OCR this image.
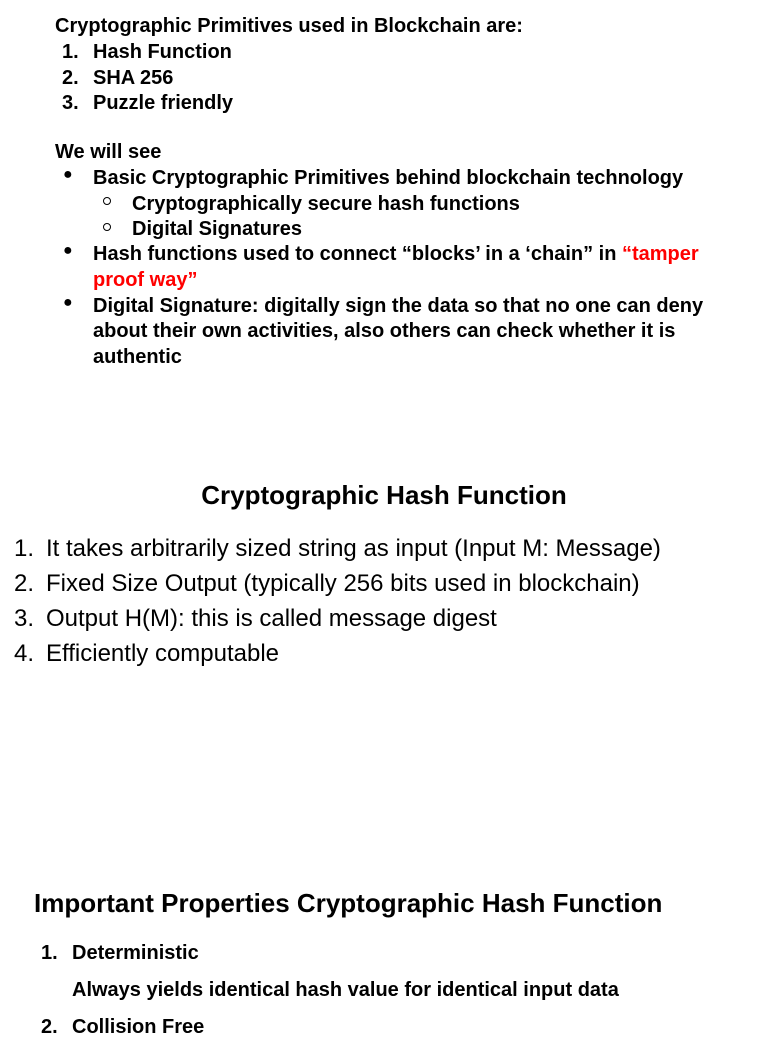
Cryptographic Primitives used in Blockchain are:
1. Hash Function
2. SHA 256
3. Puzzle friendly
We will see
● Basic Cryptographic Primitives behind blockchain technology
Cryptographically secure hash functions
Digital Signatures
● Hash functions used to connect “blocks’ in a ‘chain” in “tamper
proof way”
● Digital Signature: digitally sign the data so that no one can deny
about their own activities, also others can check whether it is
authentic
Cryptographic Hash Function
1. It takes arbitrarily sized string as input (Input M: Message)
2. Fixed Size Output (typically 256 bits used in blockchain)
3. Output H(M): this is called message digest
4. Efficiently computable
Important Properties Cryptographic Hash Function
1. Deterministic
Always yields identical hash value for identical input data
2. Collision Free
